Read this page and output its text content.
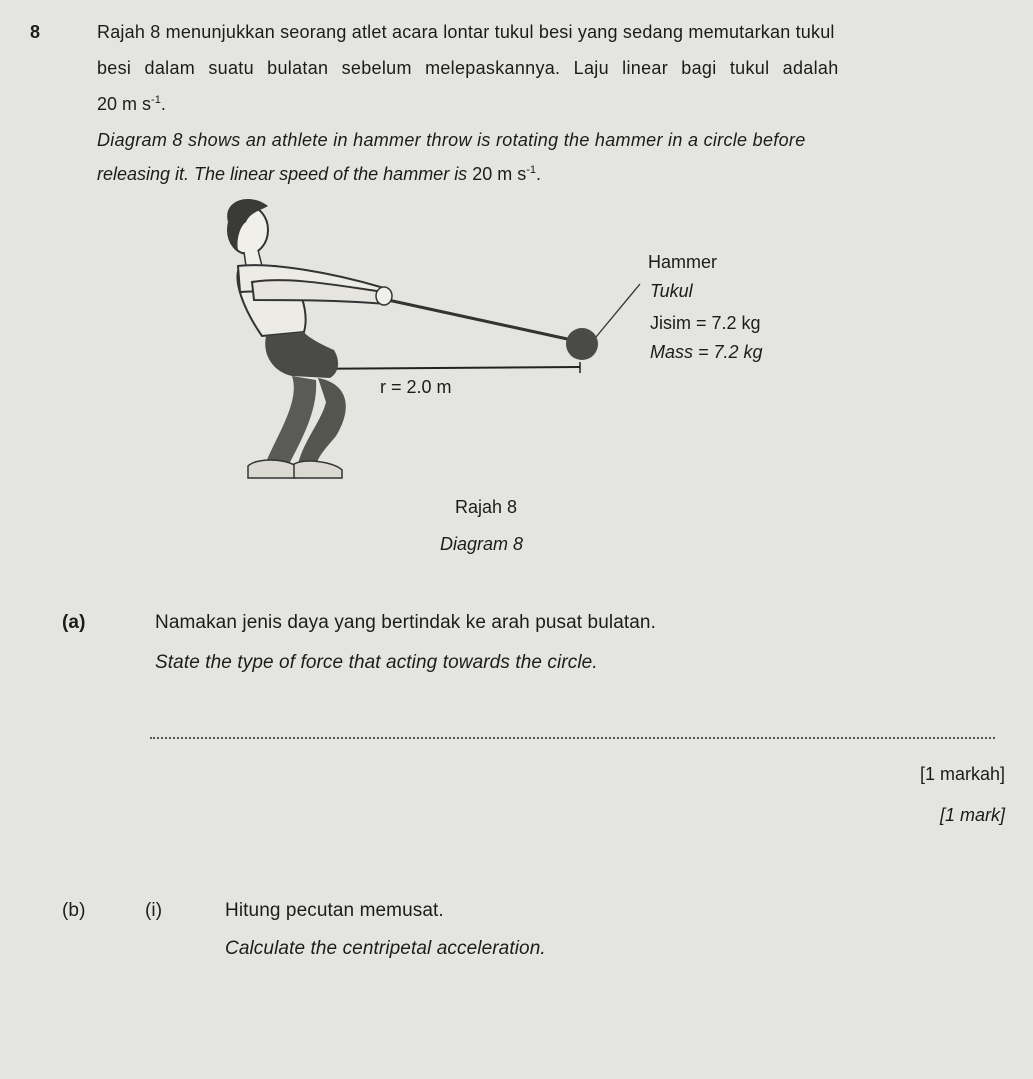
8	Rajah 8 menunjukkan seorang atlet acara lontar tukul besi yang sedang memutarkan tukul
besi dalam suatu bulatan sebelum melepaskannya. Laju linear bagi tukul adalah
20 m $s^{-1}$.
Diagram 8 shows an athlete in hammer throw is rotating the hammer in a circle before
releasing it. The linear speed of the hammer is 20 m $s^{-1}$.
Hammer
Tukul
Jisim = 7.2 kg
Mass = 7.2 kg
r = 2.0 m
Rajah 8
Diagram 8
(a)	Namakan jenis daya yang bertindak ke arah pusat bulatan.
State the type of force that acting towards the circle.
[1 markah]
[1 mark]
(b)	(i)	Hitung pecutan memusat.
Calculate the centripetal acceleration.
